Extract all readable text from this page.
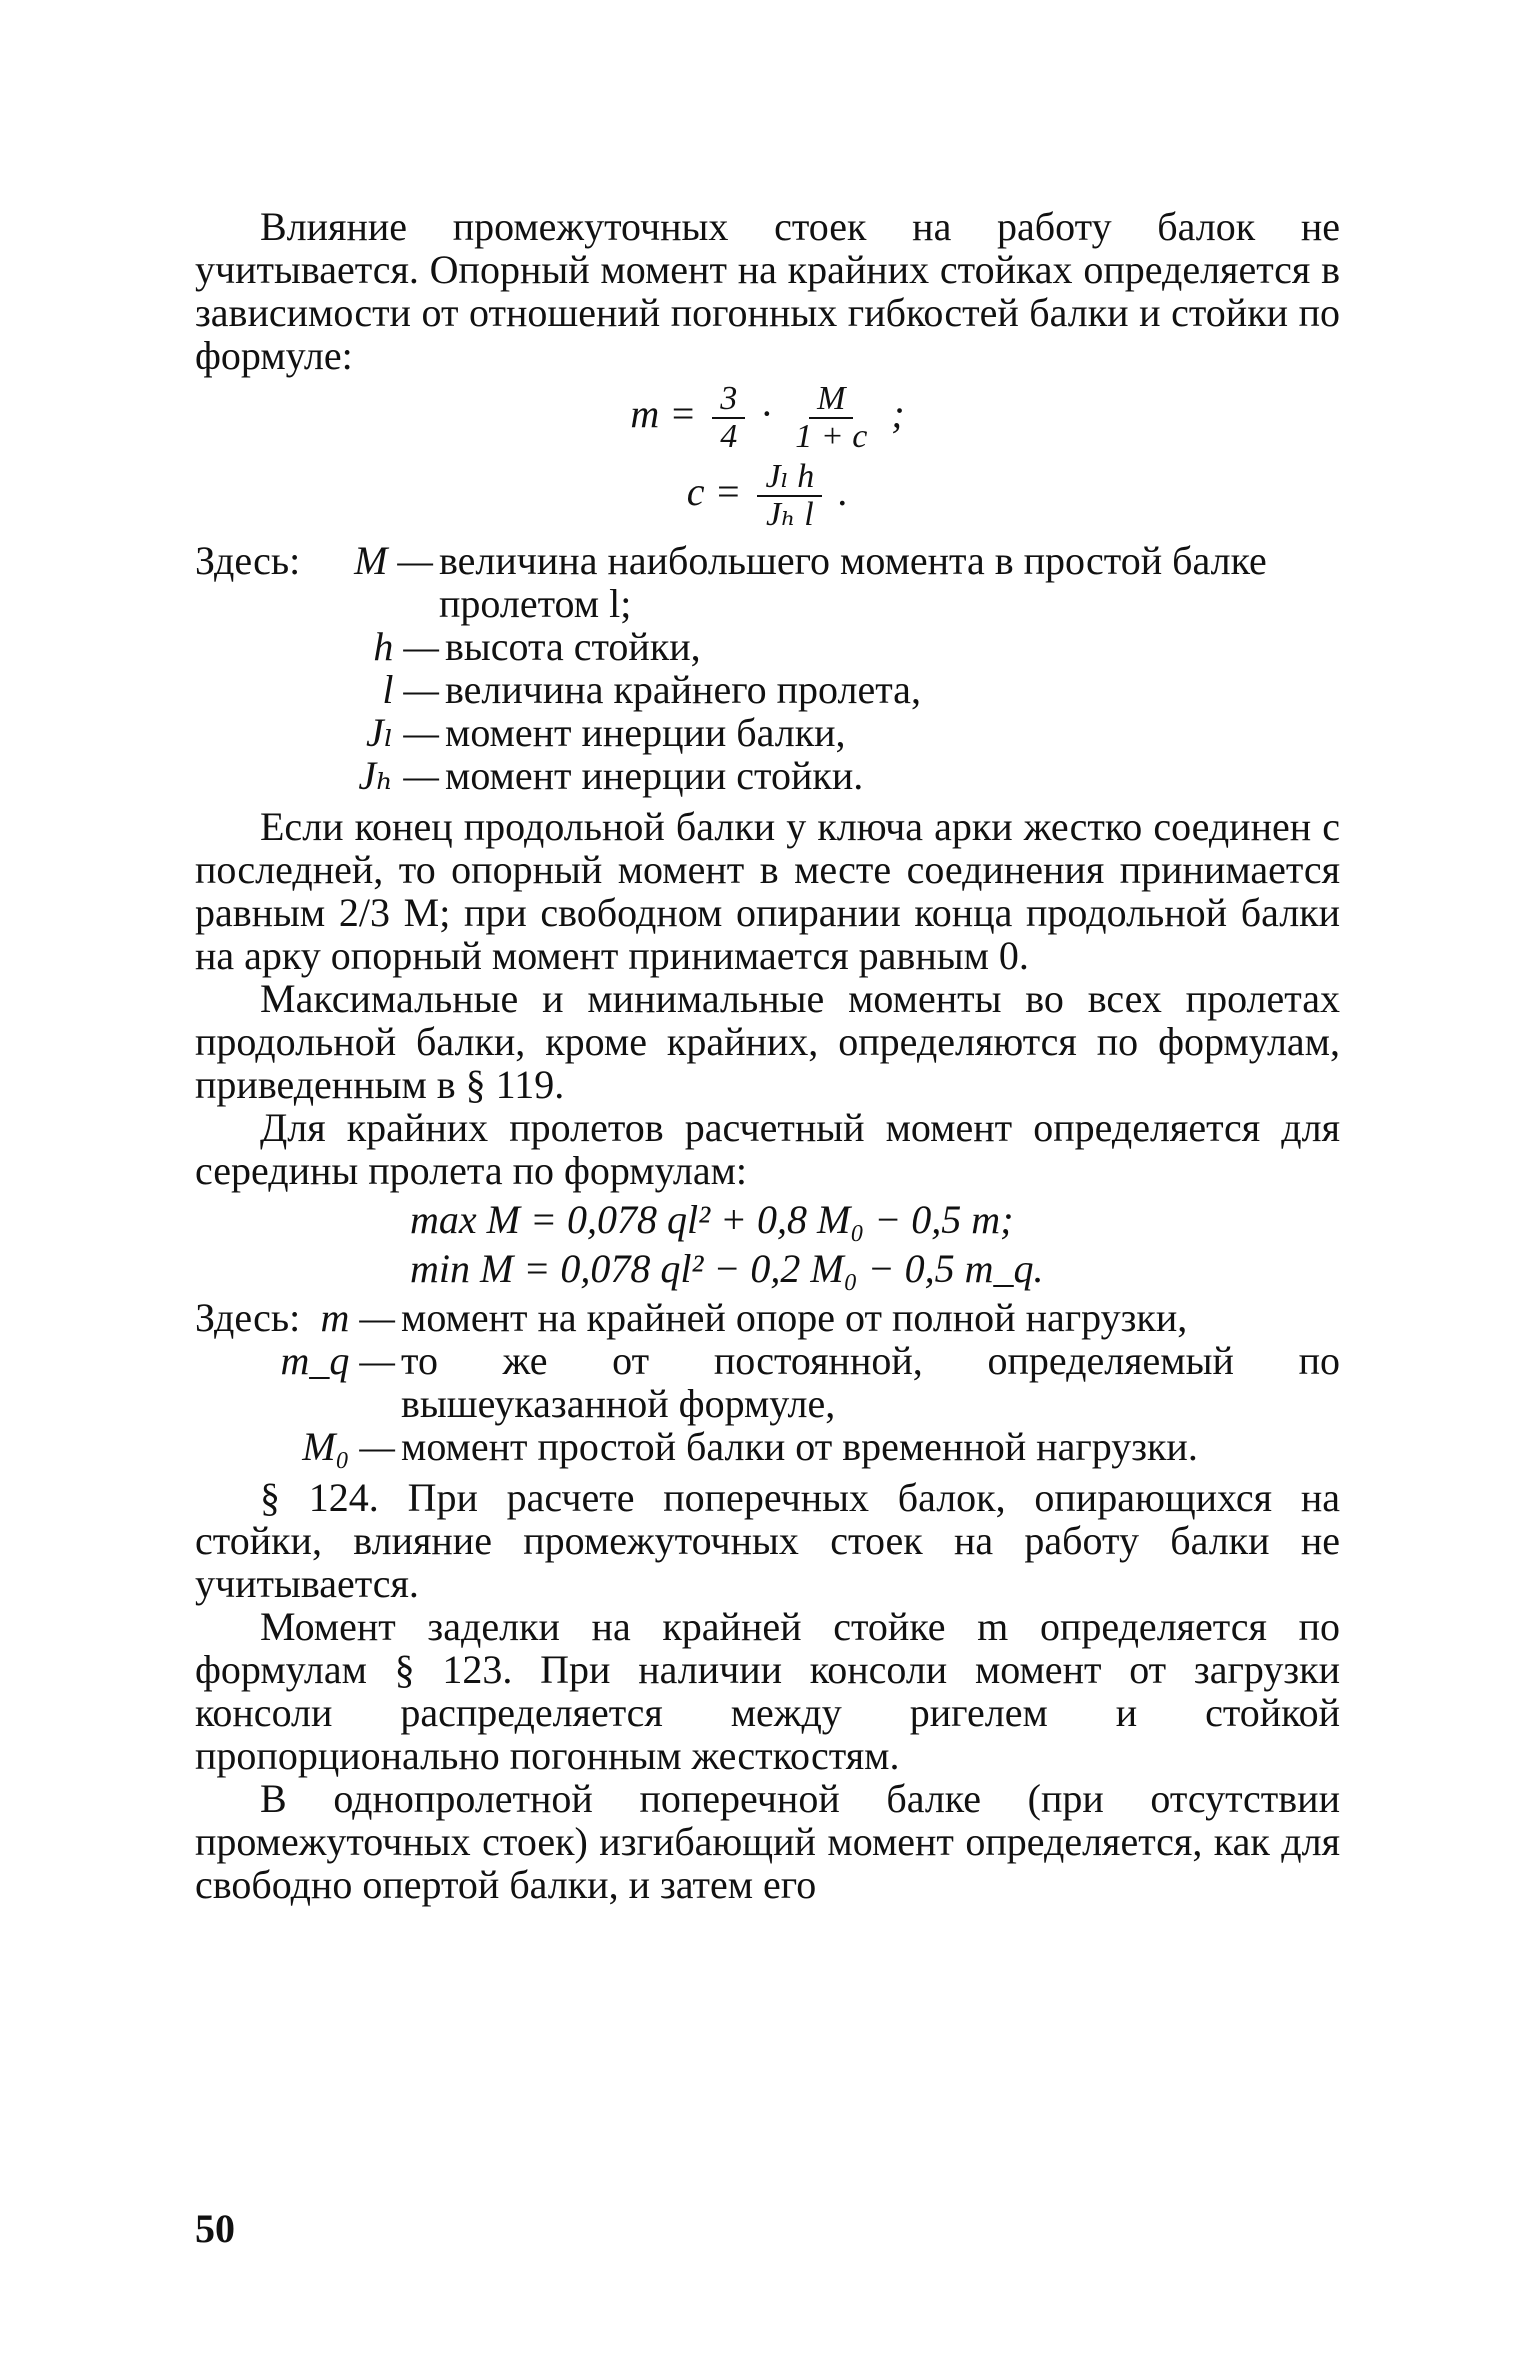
Влияние промежуточных стоек на работу балок не учитывается. Опорный момент на крайних стойках определяется в зависимости от отношений погонных гибкостей балки и стойки по формуле:

$m = \frac{3}{4} \cdot \frac{M}{1 + c}$ ;
$c = \frac{\text{Jₗ h}}{\text{Jₕ l}}$ .
Здесь:	M — величина наибольшего момента в простой балке пролетом l;
h — высота стойки,
l — величина крайнего пролета,
Jₗ — момент инерции балки,
Jₕ — момент инерции стойки.

Если конец продольной балки у ключа арки жестко соединен с последней, то опорный момент в месте соединения принимается равным 2/3 M; при свободном опирании конца продольной балки на арку опорный момент принимается равным 0.

Максимальные и минимальные моменты во всех пролетах продольной балки, кроме крайних, определяются по формулам, приведенным в § 119.

Для крайних пролетов расчетный момент определяется для середины пролета по формулам:

max M = 0,078 ql² + 0,8 M₀ − 0,5 m;
min M = 0,078 ql² − 0,2 M₀ − 0,5 m_q.
Здесь: m — момент на крайней опоре от полной нагрузки,
m_q — то же от постоянной, определяемый по вышеуказанной формуле,
M₀ — момент простой балки от временной нагрузки.

§ 124. При расчете поперечных балок, опирающихся на стойки, влияние промежуточных стоек на работу балки не учитывается.

Момент заделки на крайней стойке m определяется по формулам § 123. При наличии консоли момент от загрузки консоли распределяется между ригелем и стойкой пропорционально погонным жесткостям.

В однопролетной поперечной балке (при отсутствии промежуточных стоек) изгибающий момент определяется, как для свободно опертой балки, и затем его

50
